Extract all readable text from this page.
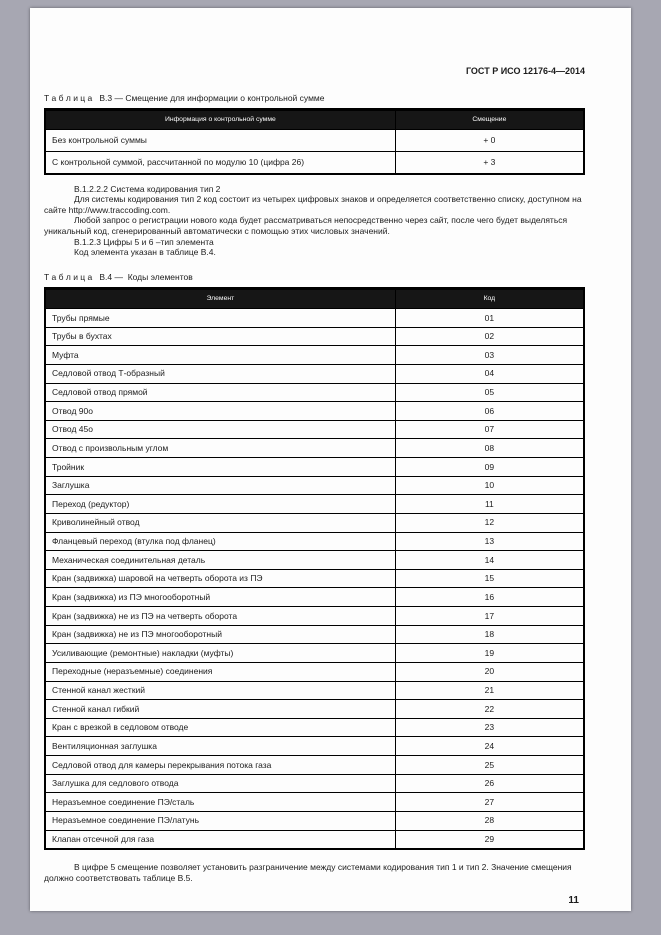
ГОСТ Р ИСО 12176-4—2014
Т а б л и ц а   В.3 — Смещение для информации о контрольной сумме
Информация о контрольной сумме	Смещение
Без контрольной суммы	+ 0
С контрольной суммой, рассчитанной по модулю 10 (цифра 26)	+ 3

В.1.2.2.2 Система кодирования тип 2

Для системы кодирования тип 2 код состоит из четырех цифровых знаков и определяется соответственно списку, доступном на сайте http://www.traccoding.com.

Любой запрос о регистрации нового кода будет рассматриваться непосредственно через сайт, после чего будет выделяться уникальный код, сгенерированный автоматически с помощью этих числовых значений.

В.1.2.3 Цифры 5 и 6 –тип элемента

Код элемента указан в таблице В.4.

Т а б л и ц а   В.4 —  Коды элементов
Элемент	Код
Трубы прямые	01
Трубы в бухтах	02
Муфта	03
Седловой отвод Т-образный	04
Седловой отвод прямой	05
Отвод 90о	06
Отвод 45о	07
Отвод с произвольным углом	08
Тройник	09
Заглушка	10
Переход (редуктор)	11
Криволинейный отвод	12
Фланцевый переход (втулка под фланец)	13
Механическая соединительная деталь	14
Кран (задвижка) шаровой на четверть оборота из ПЭ	15
Кран (задвижка) из ПЭ многооборотный	16
Кран (задвижка) не из ПЭ на четверть оборота	17
Кран (задвижка) не из ПЭ многооборотный	18
Усиливающие (ремонтные) накладки (муфты)	19
Переходные (неразъемные) соединения	20
Стенной канал жесткий	21
Стенной канал гибкий	22
Кран с врезкой в седловом отводе	23
Вентиляционная заглушка	24
Седловой отвод для камеры перекрывания потока газа	25
Заглушка для седлового отвода	26
Неразъемное соединение ПЭ/сталь	27
Неразъемное соединение ПЭ/латунь	28
Клапан отсечной для газа	29

В цифре 5 смещение позволяет установить разграничение между системами кодирования тип 1 и тип 2. Значение смещения должно соответствовать таблице В.5.

11
